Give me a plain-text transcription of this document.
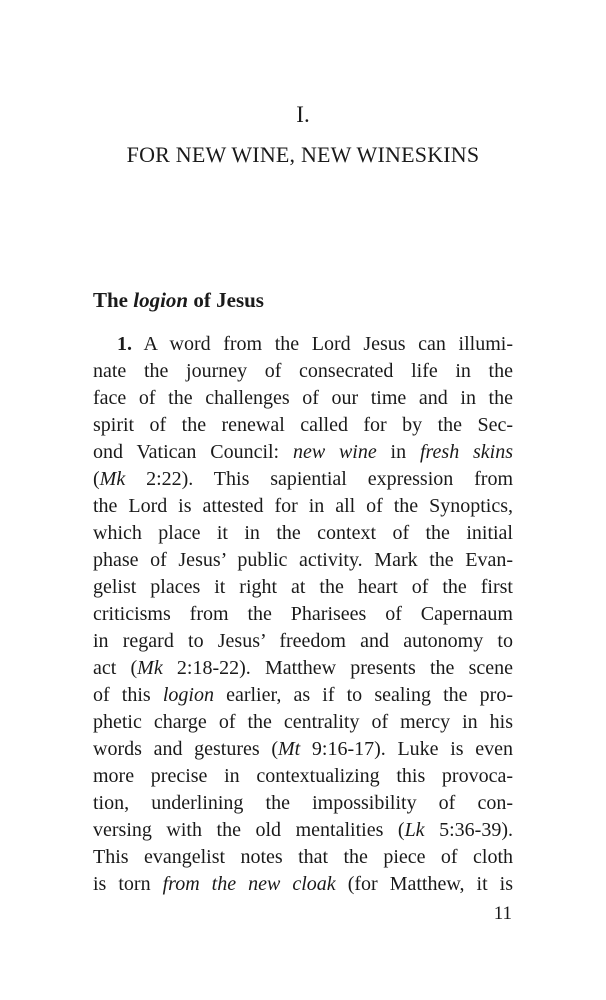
I.
FOR NEW WINE, NEW WINESKINS
The logion of Jesus
1. A word from the Lord Jesus can illumi-
nate the journey of consecrated life in the
face of the challenges of our time and in the
spirit of the renewal called for by the Sec-
ond Vatican Council: new wine in fresh skins
(Mk 2:22). This sapiential expression from
the Lord is attested for in all of the Synoptics,
which place it in the context of the initial
phase of Jesus’ public activity. Mark the Evan-
gelist places it right at the heart of the first
criticisms from the Pharisees of Capernaum
in regard to Jesus’ freedom and autonomy to
act (Mk 2:18-22). Matthew presents the scene
of this logion earlier, as if to sealing the pro-
phetic charge of the centrality of mercy in his
words and gestures (Mt 9:16-17). Luke is even
more precise in contextualizing this provoca-
tion, underlining the impossibility of con-
versing with the old mentalities (Lk 5:36-39).
This evangelist notes that the piece of cloth
is torn from the new cloak (for Matthew, it is
11
